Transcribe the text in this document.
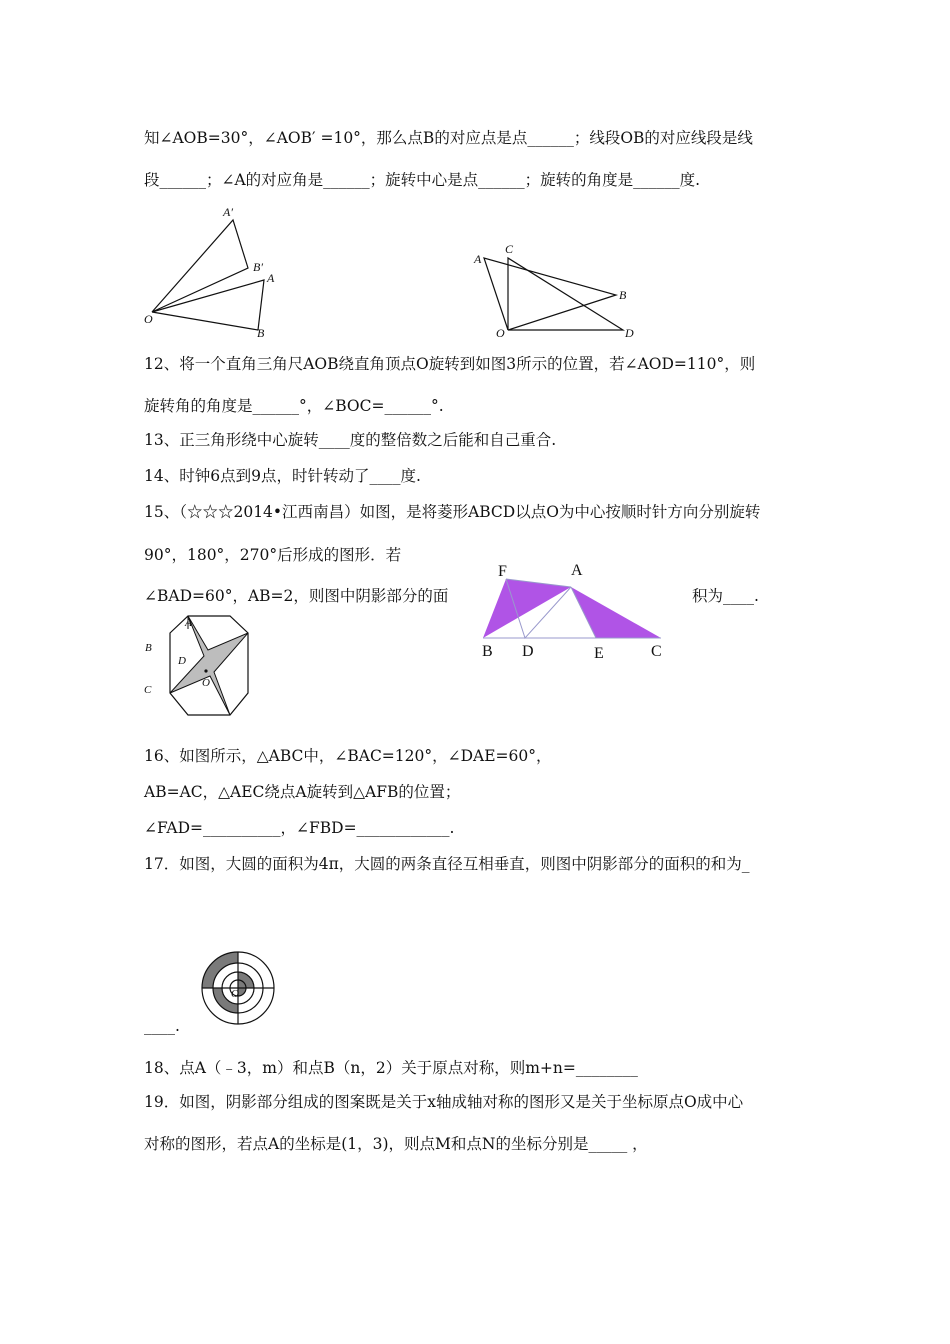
知∠AOB=30°，∠AOB′ =10°，那么点B的对应点是点______；线段OB的对应线段是线
段______；∠A的对应角是______；旋转中心是点______；旋转的角度是______度.
A′
B′
A
O
B
A
C
B
O	D
12、将一个直角三角尺AOB绕直角顶点O旋转到如图3所示的位置，若∠AOD=110°，则
旋转角的角度是______°，∠BOC=______°.
13、正三角形绕中心旋转____度的整倍数之后能和自己重合.
14、时钟6点到9点，时针转动了____度.
15、（☆☆☆2014•江西南昌）如图，是将菱形ABCD以点O为中心按顺时针方向分别旋转
90°，180°，270°后形成的图形．若
∠BAD=60°，AB=2，则图中阴影部分的面	积为____.
F	A
B D	E	C
A
B
C
D
O
16、如图所示，△ABC中，∠BAC=120°，∠DAE=60°，
AB=AC，△AEC绕点A旋转到△AFB的位置；
∠FAD=__________，∠FBD=____________.
17．如图，大圆的面积为4π，大圆的两条直径互相垂直，则图中阴影部分的面积的和为_
O
____.
18、点A（﹣3，m）和点B（n，2）关于原点对称，则m+n=________
19．如图，阴影部分组成的图案既是关于x轴成轴对称的图形又是关于坐标原点O成中心
对称的图形，若点A的坐标是(1，3)，则点M和点N的坐标分别是_____ ，
